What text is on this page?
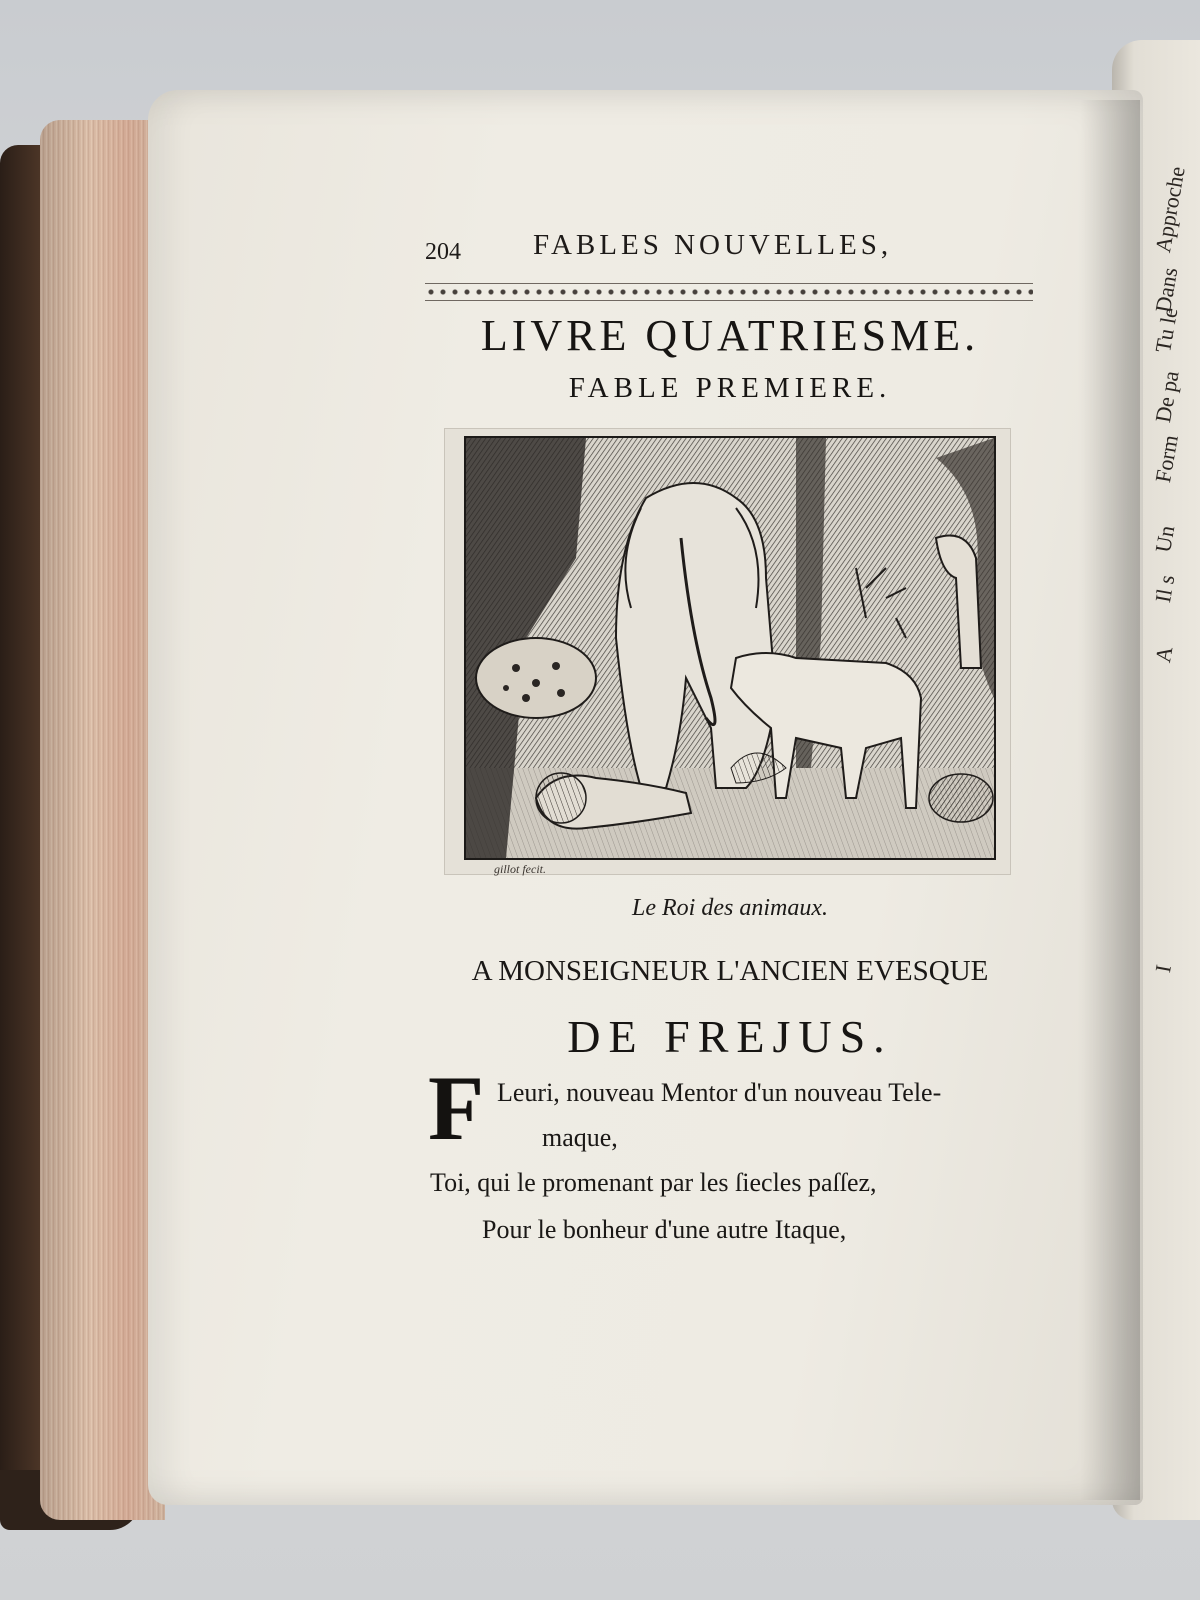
Approche
Dans
Tu le
De pa
Form
Un
Il s
A
I
204 FABLES NOUVELLES,
LIVRE QUATRIESME.
FABLE PREMIERE.
gillot fecit.
Le Roi des animaux.
A MONSEIGNEUR L'ANCIEN EVESQUE
DE FREJUS.
F Leuri, nouveau Mentor d'un nouveau Tele-
maque,
Toi, qui le promenant par les ſiecles paſſez,
Pour le bonheur d'une autre Itaque,
